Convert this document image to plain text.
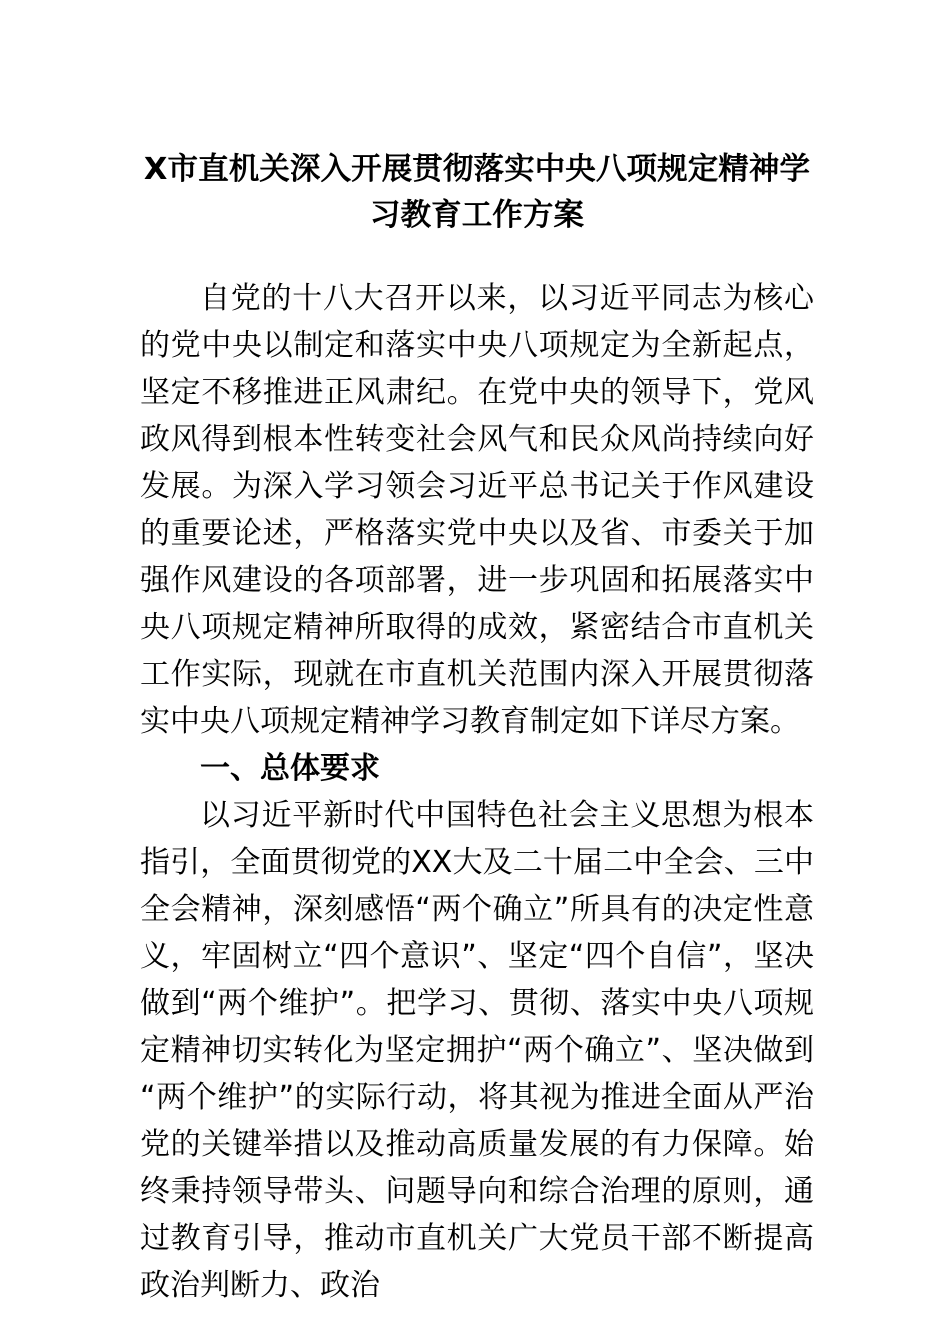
X市直机关深入开展贯彻落实中央八项规定精神学习教育工作方案

自党的十八大召开以来，以习近平同志为核心的党中央以制定和落实中央八项规定为全新起点，坚定不移推进正风肃纪。在党中央的领导下，党风政风得到根本性转变社会风气和民众风尚持续向好发展。为深入学习领会习近平总书记关于作风建设的重要论述，严格落实党中央以及省、市委关于加强作风建设的各项部署，进一步巩固和拓展落实中央八项规定精神所取得的成效，紧密结合市直机关工作实际，现就在市直机关范围内深入开展贯彻落实中央八项规定精神学习教育制定如下详尽方案。

一、总体要求

以习近平新时代中国特色社会主义思想为根本指引，全面贯彻党的XX大及二十届二中全会、三中全会精神，深刻感悟“两个确立”所具有的决定性意义，牢固树立“四个意识”、坚定“四个自信”，坚决做到“两个维护”。把学习、贯彻、落实中央八项规定精神切实转化为坚定拥护“两个确立”、坚决做到“两个维护”的实际行动，将其视为推进全面从严治党的关键举措以及推动高质量发展的有力保障。始终秉持领导带头、问题导向和综合治理的原则，通过教育引导，推动市直机关广大党员干部不断提高政治判断力、政治
